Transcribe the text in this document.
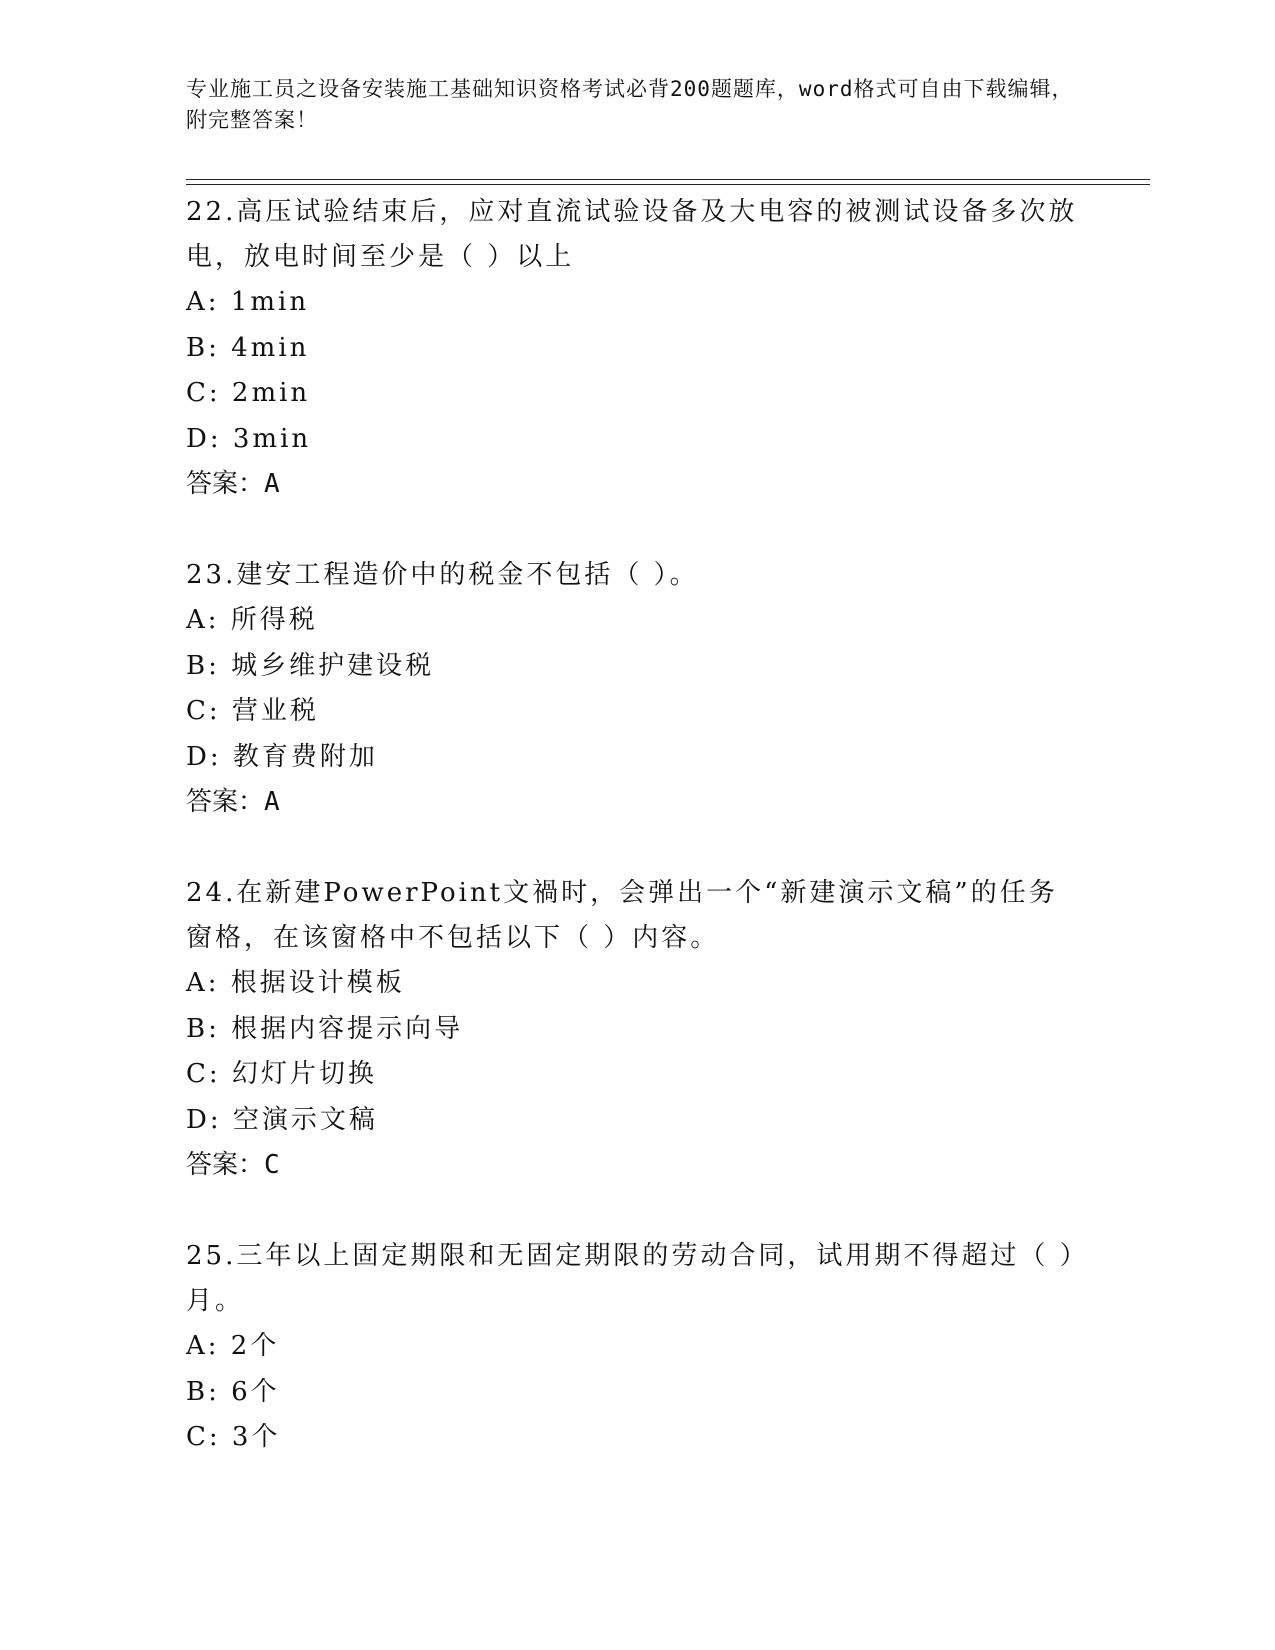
专业施工员之设备安装施工基础知识资格考试必背200题题库，word格式可自由下载编辑，附完整答案！

22.高压试验结束后，应对直流试验设备及大电容的被测试设备多次放电，放电时间至少是（ ）以上

A: 1min

B: 4min

C: 2min

D: 3min

答案：A

23.建安工程造价中的税金不包括（ ）。

A: 所得税

B: 城乡维护建设税

C: 营业税

D: 教育费附加

答案：A

24.在新建PowerPoint文禍时，会弹出一个“新建演示文稿”的任务窗格，在该窗格中不包括以下（ ）内容。

A: 根据设计模板

B: 根据内容提示向导

C: 幻灯片切换

D: 空演示文稿

答案：C

25.三年以上固定期限和无固定期限的劳动合同，试用期不得超过（ ）月。

A: 2个

B: 6个

C: 3个
